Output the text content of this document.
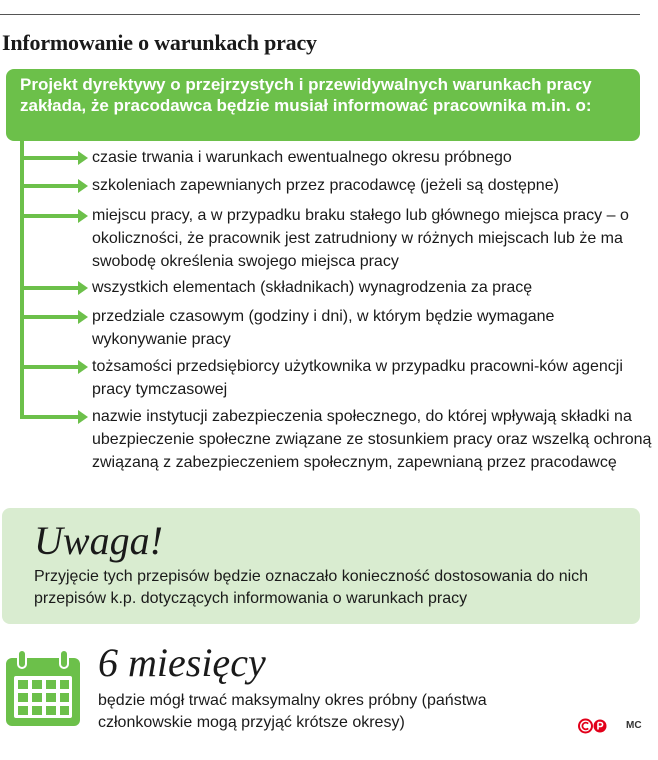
Informowanie o warunkach pracy
Projekt dyrektywy o przejrzystych i przewidywalnych warunkach pracy zakłada, że pracodawca będzie musiał informować pracownika m.in. o:
czasie trwania i warunkach ewentualnego okresu próbnego
szkoleniach zapewnianych przez pracodawcę (jeżeli są dostępne)
miejscu pracy, a w przypadku braku stałego lub głównego miejsca pracy – o okoliczności, że pracownik jest zatrudniony w różnych miejscach lub że ma swobodę określenia swojego miejsca pracy
wszystkich elementach (składnikach) wynagrodzenia za pracę
przedziale czasowym (godziny i dni), w którym będzie wymagane wykonywanie pracy
tożsamości przedsiębiorcy użytkownika w przypadku pracowni-ków agencji pracy tymczasowej
nazwie instytucji zabezpieczenia społecznego, do której wpływają składki na ubezpieczenie społeczne związane ze stosunkiem pracy oraz wszelką ochroną związaną z zabezpieczeniem społecznym, zapewnianą przez pracodawcę
Uwaga!
Przyjęcie tych przepisów będzie oznaczało konieczność dostosowania do nich przepisów k.p. dotyczących informowania o warunkach pracy
6 miesięcy
będzie mógł trwać maksymalny okres próbny (państwa członkowskie mogą przyjąć krótsze okresy)	MC
